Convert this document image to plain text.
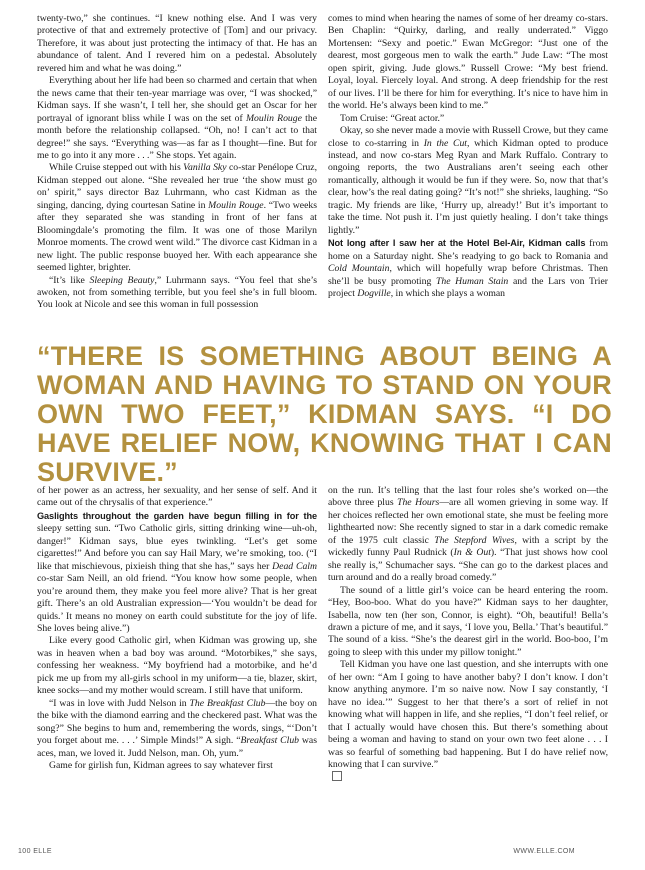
twenty-two,” she continues. “I knew nothing else. And I was very protective of that and extremely protective of [Tom] and our privacy. Therefore, it was about just protecting the intimacy of that. He has an abundance of talent. And I revered him on a pedestal. Absolutely revered him and what he was doing.”

Everything about her life had been so charmed and certain that when the news came that their ten-year marriage was over, “I was shocked,” Kidman says. If she wasn’t, I tell her, she should get an Oscar for her portrayal of ignorant bliss while I was on the set of Moulin Rouge the month before the relationship collapsed. “Oh, no! I can’t act to that degree!” she says. “Everything was—as far as I thought—fine. But for me to go into it any more . . .” She stops. Yet again.

While Cruise stepped out with his Vanilla Sky co-star Penélope Cruz, Kidman stepped out alone. “She revealed her true ‘the show must go on’ spirit,” says director Baz Luhrmann, who cast Kidman as the singing, dancing, dying courtesan Satine in Moulin Rouge. “Two weeks after they separated she was standing in front of her fans at Bloomingdale’s promoting the film. It was one of those Marilyn Monroe moments. The crowd went wild.” The divorce cast Kidman in a new light. The public response buoyed her. With each appearance she seemed lighter, brighter.

“It’s like Sleeping Beauty,” Luhrmann says. “You feel that she’s awoken, not from something terrible, but you feel she’s in full bloom. You look at Nicole and see this woman in full possession

comes to mind when hearing the names of some of her dreamy co-stars. Ben Chaplin: “Quirky, darling, and really underrated.” Viggo Mortensen: “Sexy and poetic.” Ewan McGregor: “Just one of the dearest, most gorgeous men to walk the earth.” Jude Law: “The most open spirit, giving. Jude glows.” Russell Crowe: “My best friend. Loyal, loyal. Fiercely loyal. And strong. A deep friendship for the rest of our lives. I’ll be there for him for everything. It’s nice to have him in the world. He’s always been kind to me.”

Tom Cruise: “Great actor.”

Okay, so she never made a movie with Russell Crowe, but they came close to co-starring in In the Cut, which Kidman opted to produce instead, and now co-stars Meg Ryan and Mark Ruffalo. Contrary to ongoing reports, the two Australians aren’t seeing each other romantically, although it would be fun if they were. So, now that that’s clear, how’s the real dating going? “It’s not!” she shrieks, laughing. “So tragic. My friends are like, ‘Hurry up, already!’ But it’s important to take the time. Not push it. I’m just quietly healing. I don’t take things lightly.”

Not long after I saw her at the Hotel Bel-Air, Kidman calls from home on a Saturday night. She’s readying to go back to Romania and Cold Mountain, which will hopefully wrap before Christmas. Then she’ll be busy promoting The Human Stain and the Lars von Trier project Dogville, in which she plays a woman

“THERE IS SOMETHING ABOUT BEING A WOMAN AND HAVING TO STAND ON YOUR OWN TWO FEET,” KIDMAN SAYS. “I DO HAVE RELIEF NOW, KNOWING THAT I CAN SURVIVE.”

of her power as an actress, her sexuality, and her sense of self. And it came out of the chrysalis of that experience.”

Gaslights throughout the garden have begun filling in for the sleepy setting sun. “Two Catholic girls, sitting drinking wine—uh-oh, danger!” Kidman says, blue eyes twinkling. “Let’s get some cigarettes!” And before you can say Hail Mary, we’re smoking, too. (“I like that mischievous, pixieish thing that she has,” says her Dead Calm co-star Sam Neill, an old friend. “You know how some people, when you’re around them, they make you feel more alive? That is her great gift. There’s an old Australian expression—‘You wouldn’t be dead for quids.’ It means no money on earth could substitute for the joy of life. She loves being alive.”)

Like every good Catholic girl, when Kidman was growing up, she was in heaven when a bad boy was around. “Motorbikes,” she says, confessing her weakness. “My boyfriend had a motorbike, and he’d pick me up from my all-girls school in my uniform—a tie, blazer, skirt, knee socks—and my mother would scream. I still have that uniform.

“I was in love with Judd Nelson in The Breakfast Club—the boy on the bike with the diamond earring and the checkered past. What was the song?” She begins to hum and, remembering the words, sings, “‘Don’t you forget about me. . . .’ Simple Minds!” A sigh. “Breakfast Club was aces, man, we loved it. Judd Nelson, man. Oh, yum.”

Game for girlish fun, Kidman agrees to say whatever first

on the run. It’s telling that the last four roles she’s worked on—the above three plus The Hours—are all women grieving in some way. If her choices reflected her own emotional state, she must be feeling more lighthearted now: She recently signed to star in a dark comedic remake of the 1975 cult classic The Stepford Wives, with a script by the wickedly funny Paul Rudnick (In & Out). “That just shows how cool she really is,” Schumacher says. “She can go to the darkest places and turn around and do a really broad comedy.”

The sound of a little girl’s voice can be heard entering the room. “Hey, Boo-boo. What do you have?” Kidman says to her daughter, Isabella, now ten (her son, Connor, is eight). “Oh, beautiful! Bella’s drawn a picture of me, and it says, ‘I love you, Bella.’ That’s beautiful.” The sound of a kiss. “She’s the dearest girl in the world. Boo-boo, I’m going to sleep with this under my pillow tonight.”

Tell Kidman you have one last question, and she interrupts with one of her own: “Am I going to have another baby? I don’t know. I don’t know anything anymore. I’m so naive now. Now I say constantly, ‘I have no idea.’” Suggest to her that there’s a sort of relief in not knowing what will happen in life, and she replies, “I don’t feel relief, or that I actually would have chosen this. But there’s something about being a woman and having to stand on your own two feet alone . . . I was so fearful of something bad happening. But I do have relief now, knowing that I can survive.”

100 ELLE	WWW.ELLE.COM
